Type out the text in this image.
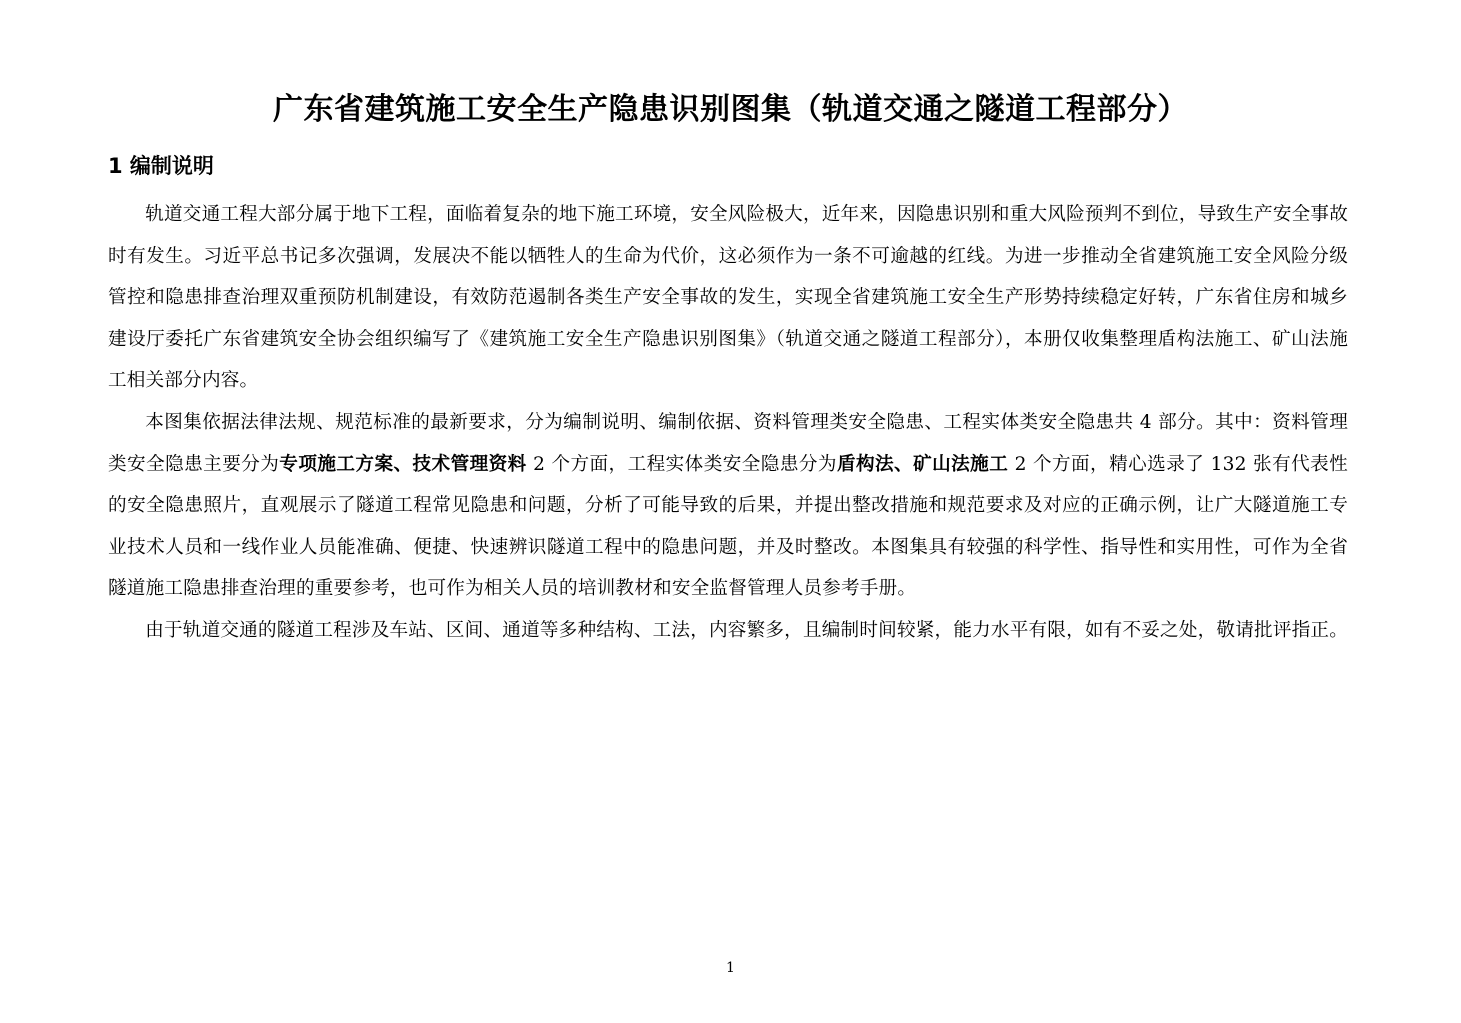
广东省建筑施工安全生产隐患识别图集（轨道交通之隧道工程部分）
1 编制说明

轨道交通工程大部分属于地下工程，面临着复杂的地下施工环境，安全风险极大，近年来，因隐患识别和重大风险预判不到位，导致生产安全事故时有发生。习近平总书记多次强调，发展决不能以牺牲人的生命为代价，这必须作为一条不可逾越的红线。为进一步推动全省建筑施工安全风险分级管控和隐患排查治理双重预防机制建设，有效防范遏制各类生产安全事故的发生，实现全省建筑施工安全生产形势持续稳定好转，广东省住房和城乡建设厅委托广东省建筑安全协会组织编写了《建筑施工安全生产隐患识别图集》（轨道交通之隧道工程部分），本册仅收集整理盾构法施工、矿山法施工相关部分内容。

本图集依据法律法规、规范标准的最新要求，分为编制说明、编制依据、资料管理类安全隐患、工程实体类安全隐患共 4 部分。其中：资料管理类安全隐患主要分为专项施工方案、技术管理资料 2 个方面，工程实体类安全隐患分为盾构法、矿山法施工 2 个方面，精心选录了 132 张有代表性的安全隐患照片，直观展示了隧道工程常见隐患和问题，分析了可能导致的后果，并提出整改措施和规范要求及对应的正确示例，让广大隧道施工专业技术人员和一线作业人员能准确、便捷、快速辨识隧道工程中的隐患问题，并及时整改。本图集具有较强的科学性、指导性和实用性，可作为全省隧道施工隐患排查治理的重要参考，也可作为相关人员的培训教材和安全监督管理人员参考手册。

由于轨道交通的隧道工程涉及车站、区间、通道等多种结构、工法，内容繁多，且编制时间较紧，能力水平有限，如有不妥之处，敬请批评指正。

1
